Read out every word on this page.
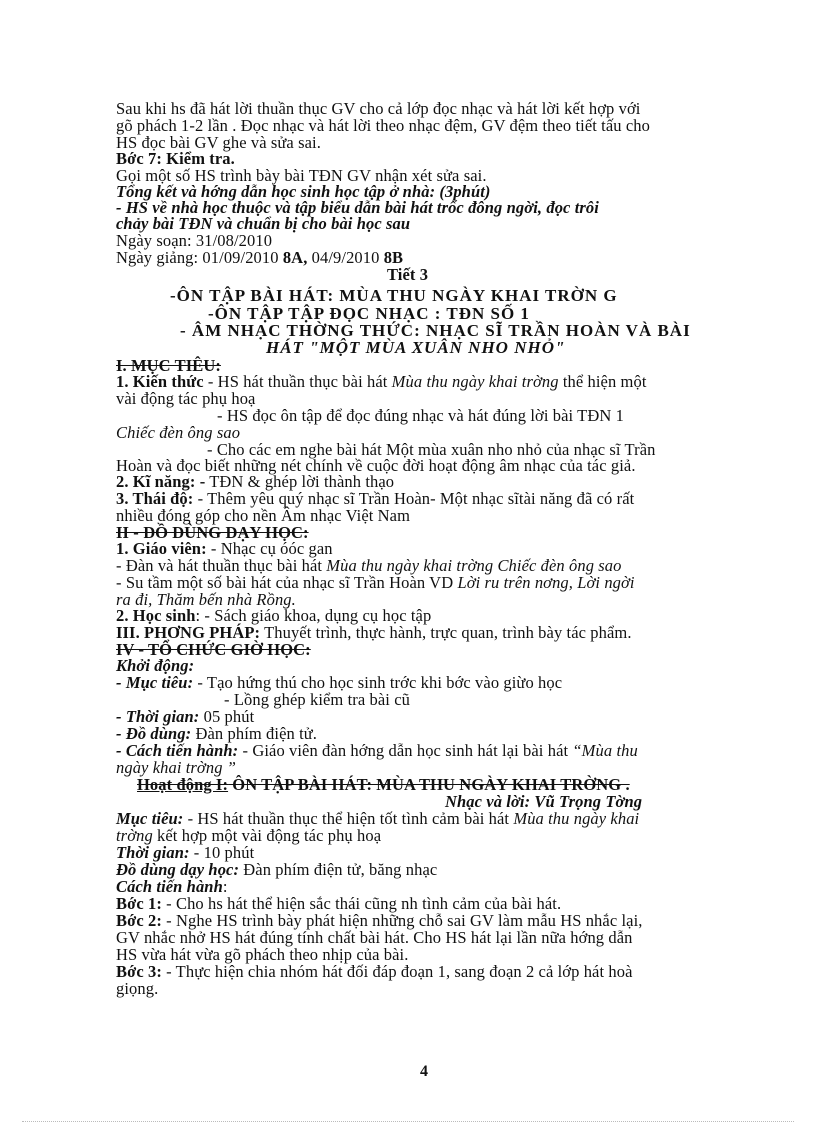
Sau khi hs đã hát lời thuần thục GV cho cả lớp đọc nhạc và hát lời kết hợp với
gõ phách 1-2 lần . Đọc nhạc và hát lời theo nhạc đệm, GV đệm theo tiết tấu cho
HS đọc bài GV ghe và sửa sai.
Bớc 7: Kiểm tra.
Gọi một số HS trình bày bài TĐN GV nhận xét sửa sai.
Tổng kết và hớng dẫn học sinh học tập ở nhà: (3phút)
- HS về nhà học thuộc và tập biểu dẫn bài hát trốc đông ngời, đọc trôi
chảy bài TĐN và chuẩn bị cho bài học sau
Ngày soạn: 31/08/2010
Ngày giảng: 01/09/2010 8A, 04/9/2010 8B
Tiết 3
-ÔN TẬP BÀI HÁT: MÙA THU NGÀY KHAI TRỜN G
-ÔN TẬP TẬP ĐỌC NHẠC : TĐN SỐ 1
- ÂM NHẠC THỜNG THỨC: NHẠC SĨ TRẦN HOÀN VÀ BÀI
HÁT "MỘT MÙA XUÂN NHO NHỎ"
I. MỤC TIÊU:
1. Kiến thức - HS hát thuần thục bài hát Mùa thu ngày khai trờng thể hiện một
vài động tác phụ hoạ
- HS đọc ôn tập để đọc đúng nhạc và hát đúng lời bài TĐN 1
Chiếc đèn ông sao
- Cho các em nghe bài hát Một mùa xuân nho nhỏ của nhạc sĩ Trần
Hoàn và đọc biết những nét chính về cuộc đời hoạt động âm nhạc của tác giả.
2. Kĩ năng: - TĐN & ghép lời thành thạo
3. Thái độ: - Thêm yêu quý nhạc sĩ Trần Hoàn- Một nhạc sĩtài năng đã có rất
nhiều đóng góp cho nền Âm nhạc Việt Nam
II - ĐỒ DÙNG DẠY HỌC:
1. Giáo viên: - Nhạc cụ óóc gan
- Đàn và hát thuần thục bài hát Mùa thu ngày khai trờng Chiếc đèn ông sao
- Su tầm một số bài hát của nhạc sĩ Trần Hoàn VD Lời ru trên nơng, Lời ngời
ra đi, Thăm bến nhà Rồng.
2. Học sinh: - Sách giáo khoa, dụng cụ học tập
III. PHƠNG PHÁP: Thuyết trình, thực hành, trực quan, trình bày tác phẩm.
IV - TỔ CHỨC GIỜ HỌC:
Khởi động:
- Mục tiêu: - Tạo hứng thú cho học sinh trớc khi bớc vào giừo học
- Lồng ghép kiểm tra bài cũ
- Thời gian: 05 phút
- Đồ dùng: Đàn phím điện tử.
- Cách tiến hành: - Giáo viên đàn hớng dẫn học sinh hát lại bài hát “Mùa thu
ngày khai trờng ”
Hoạt động I: ÔN TẬP BÀI HÁT: MÙA THU NGÀY KHAI TRỜNG .
Nhạc và lời: Vũ Trọng Tờng
Mục tiêu: - HS hát thuần thục thể hiện tốt tình cảm bài hát Mùa thu ngày khai
trờng kết hợp một vài động tác phụ hoạ
Thời gian: - 10 phút
Đồ dùng dạy học: Đàn phím điện tử, băng nhạc
Cách tiến hành:
Bớc 1: - Cho hs hát thể hiện sắc thái cũng nh tình cảm của bài hát.
Bớc 2: - Nghe HS trình bày phát hiện những chỗ sai GV làm mẫu HS nhắc lại,
GV nhắc nhở HS hát đúng tính chất bài hát. Cho HS hát lại lần nữa hớng dẫn
HS vừa hát vừa gõ phách theo nhịp của bài.
Bớc 3: - Thực hiện chia nhóm hát đối đáp đoạn 1, sang đoạn 2 cả lớp hát hoà
giọng.
4
